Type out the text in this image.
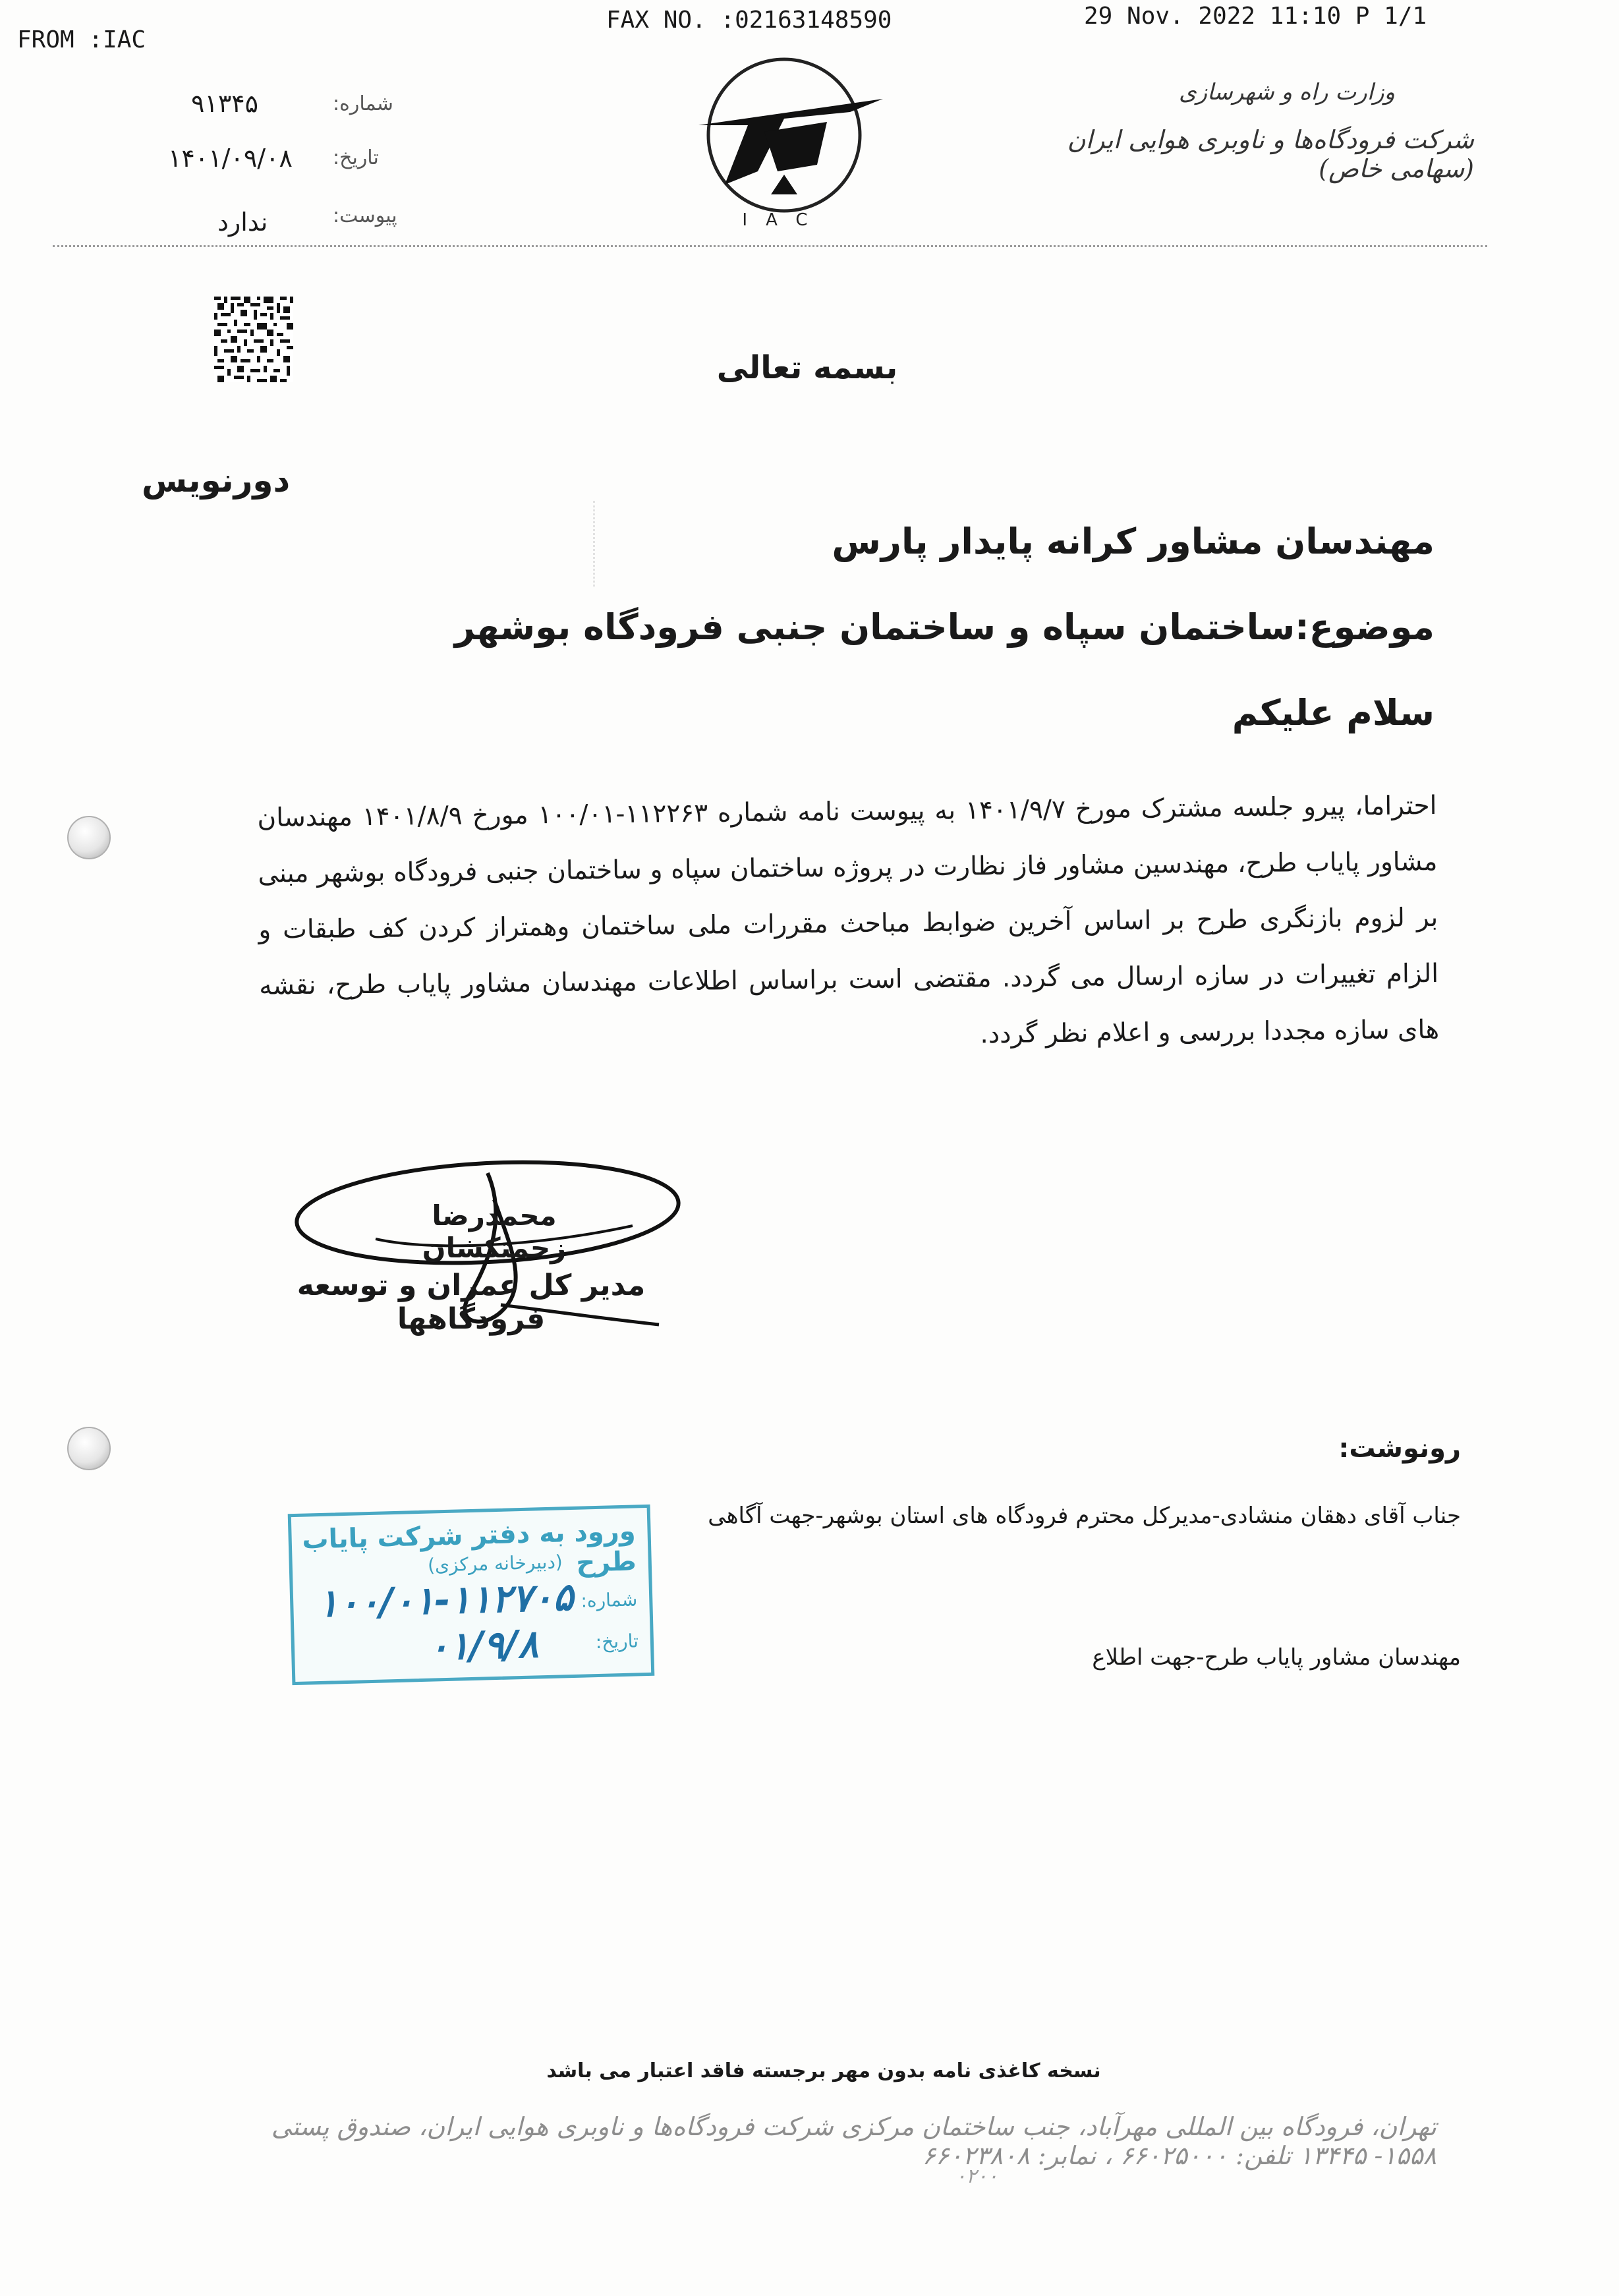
FROM :IAC
FAX NO. :02163148590	29 Nov. 2022 11:10 P 1/1
شماره:
۹۱۳۴۵
تاریخ:
۱۴۰۱/۰۹/۰۸
پیوست:
ندارد	IAC
وزارت راه و شهرسازی
شرکت فرودگاه‌ها و ناوبری هوایی ایران (سهامی خاص)
بسمه تعالی
دورنویس
مهندسان مشاور کرانه پایدار پارس
موضوع:ساختمان سپاه و ساختمان جنبی فرودگاه بوشهر
سلام علیکم
احتراما، پیرو جلسه مشترک مورخ ۱۴۰۱/۹/۷ به پیوست نامه شماره ۱۱۲۲۶۳-۱۰۰/۰۱ مورخ ۱۴۰۱/۸/۹ مهندسان مشاور پایاب طرح، مهندسین مشاور فاز نظارت در پروژه ساختمان سپاه و ساختمان جنبی فرودگاه بوشهر مبنی بر لزوم بازنگری طرح بر اساس آخرین ضوابط مباحث مقررات ملی ساختمان وهمتراز کردن کف طبقات و الزام تغییرات در سازه ارسال می گردد. مقتضی است براساس اطلاعات مهندسان مشاور پایاب طرح، نقشه های سازه مجددا بررسی و اعلام نظر گردد.
محمدرضا زحمتکشان
مدیر کل عمران و توسعه فرودگاهها
رونوشت:
جناب آقای دهقان منشادی-مدیرکل محترم فرودگاه های استان بوشهر-جهت آگاهی
مهندسان مشاور پایاب طرح-جهت اطلاع
ورود به دفتر شرکت پایاب طرح
(دبیرخانه مرکزی)
شماره:
۱۰۰/۰۱-۱۱۲۷۰۵
تاریخ:
۰۱/۹/۸
نسخه کاغذی نامه بدون مهر برجسته فاقد اعتبار می باشد
تهران، فرودگاه بین المللی مهرآباد، جنب ساختمان مرکزی شرکت فرودگاه‌ها و ناوبری هوایی ایران، صندوق پستی ۱۵۵۸- ۱۳۴۴۵ تلفن: ۶۶۰۲۵۰۰۰ ، نمابر: ۶۶۰۲۳۸۰۸
۰۲۰۰
